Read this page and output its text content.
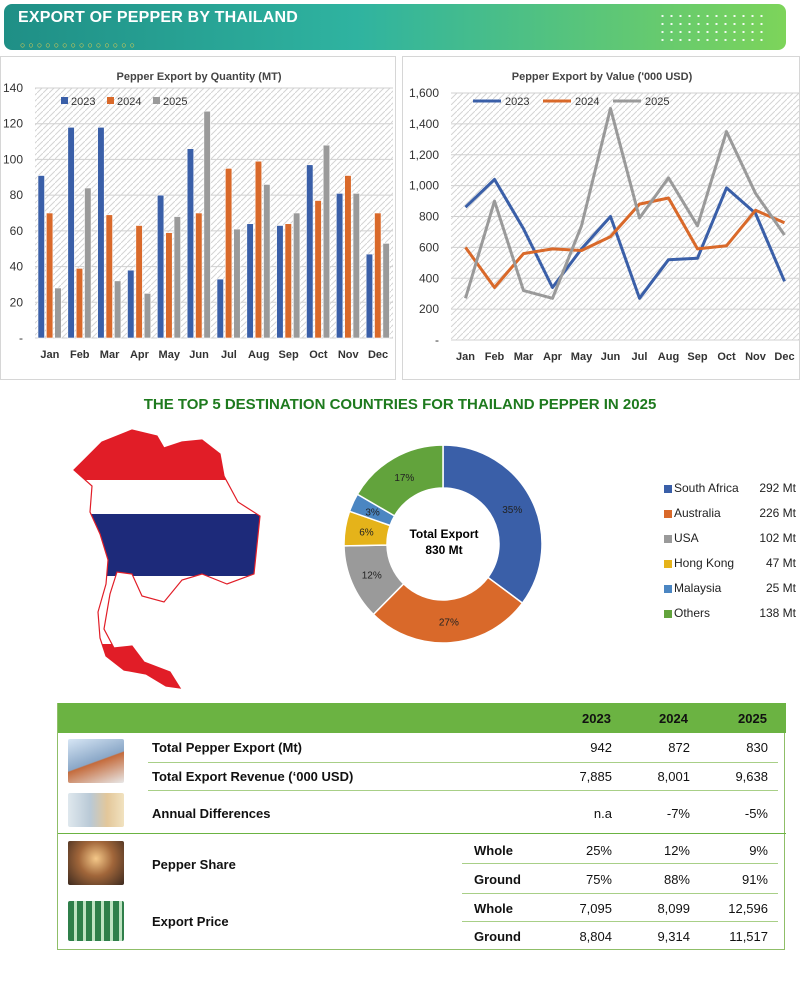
EXPORT OF PEPPER BY THAILAND
○○○○○○○○○○○○○○
Pepper Export by Quantity (MT)
-
20
40
60
80
100
120
140
Jan Feb Mar Apr May Jun Jul Aug Sep Oct Nov Dec
2023 2024 2025
Pepper Export by Value ('000 USD)
-
200
400
600
800
1,000
1,200
1,400
1,600
Jan Feb Mar Apr May Jun Jul Aug Sep Oct Nov Dec
2023	2024	2025
THE TOP 5 DESTINATION COUNTRIES FOR THAILAND PEPPER IN 2025
35%
27%
12%
6%
3%
17%
Total Export
830 Mt
South Africa 292 Mt
Australia	226 Mt
USA	102 Mt
Hong Kong	47 Mt
Malaysia	25 Mt
Others	138 Mt
2023	2024	2025
Total Pepper Export (Mt)	942	872	830
Total Export Revenue (‘000 USD)	7,885	8,001	9,638
Annual Differences	n.a	-7%	-5%
Pepper Share
Whole	25%	12%	9%
Ground	75%	88%	91%
Export Price
Whole	7,095	8,099	12,596
Ground	8,804	9,314	11,517
